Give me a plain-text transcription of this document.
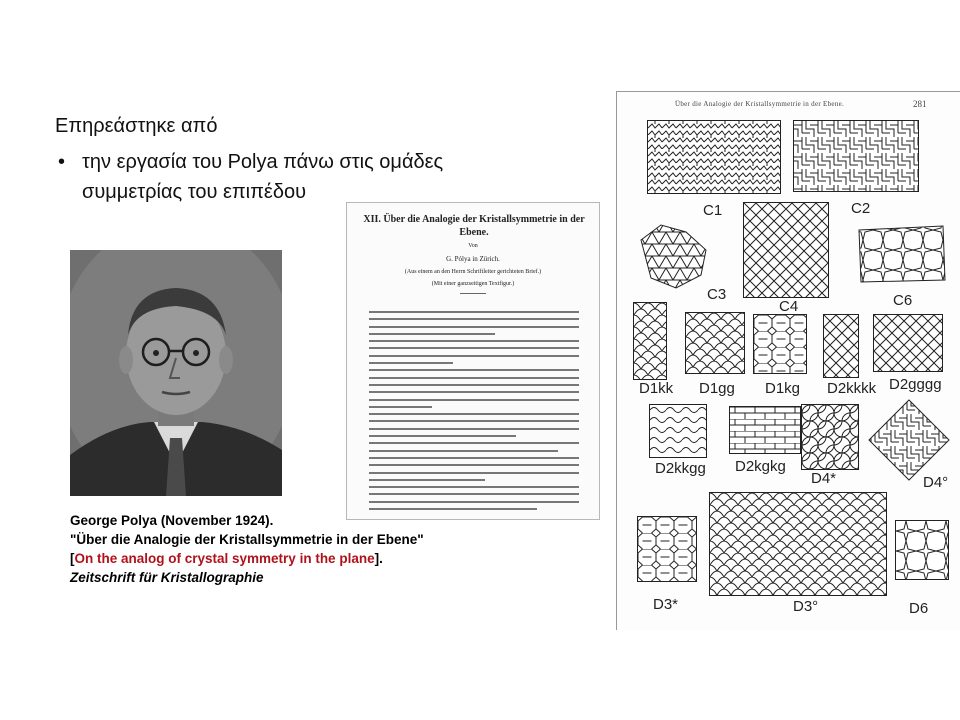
Επηρεάστηκε από
• την εργασία του Polya πάνω στις ομάδες συμμετρίας του επιπέδου
George Polya (November 1924).
"Über die Analogie der Kristallsymmetrie in der Ebene"
[On the analog of crystal symmetry in the plane].
Zeitschrift für Kristallographie
XII. Über die Analogie der Kristallsymmetrie in der Ebene.
Von
G. Pólya in Zürich.
(Aus einem an den Herrn Schriftleiter gerichteten Brief.)
(Mit einer ganzseitigen Textfigur.)
Über die Analogie der Kristallsymmetrie in der Ebene.	281
C1	C2
C3
C4	C6
D1kk D1gg D1kg D2kkkk D2gggg
D2kkgg D2kgkg
D4*	D4°
D3*	D3°	D6
